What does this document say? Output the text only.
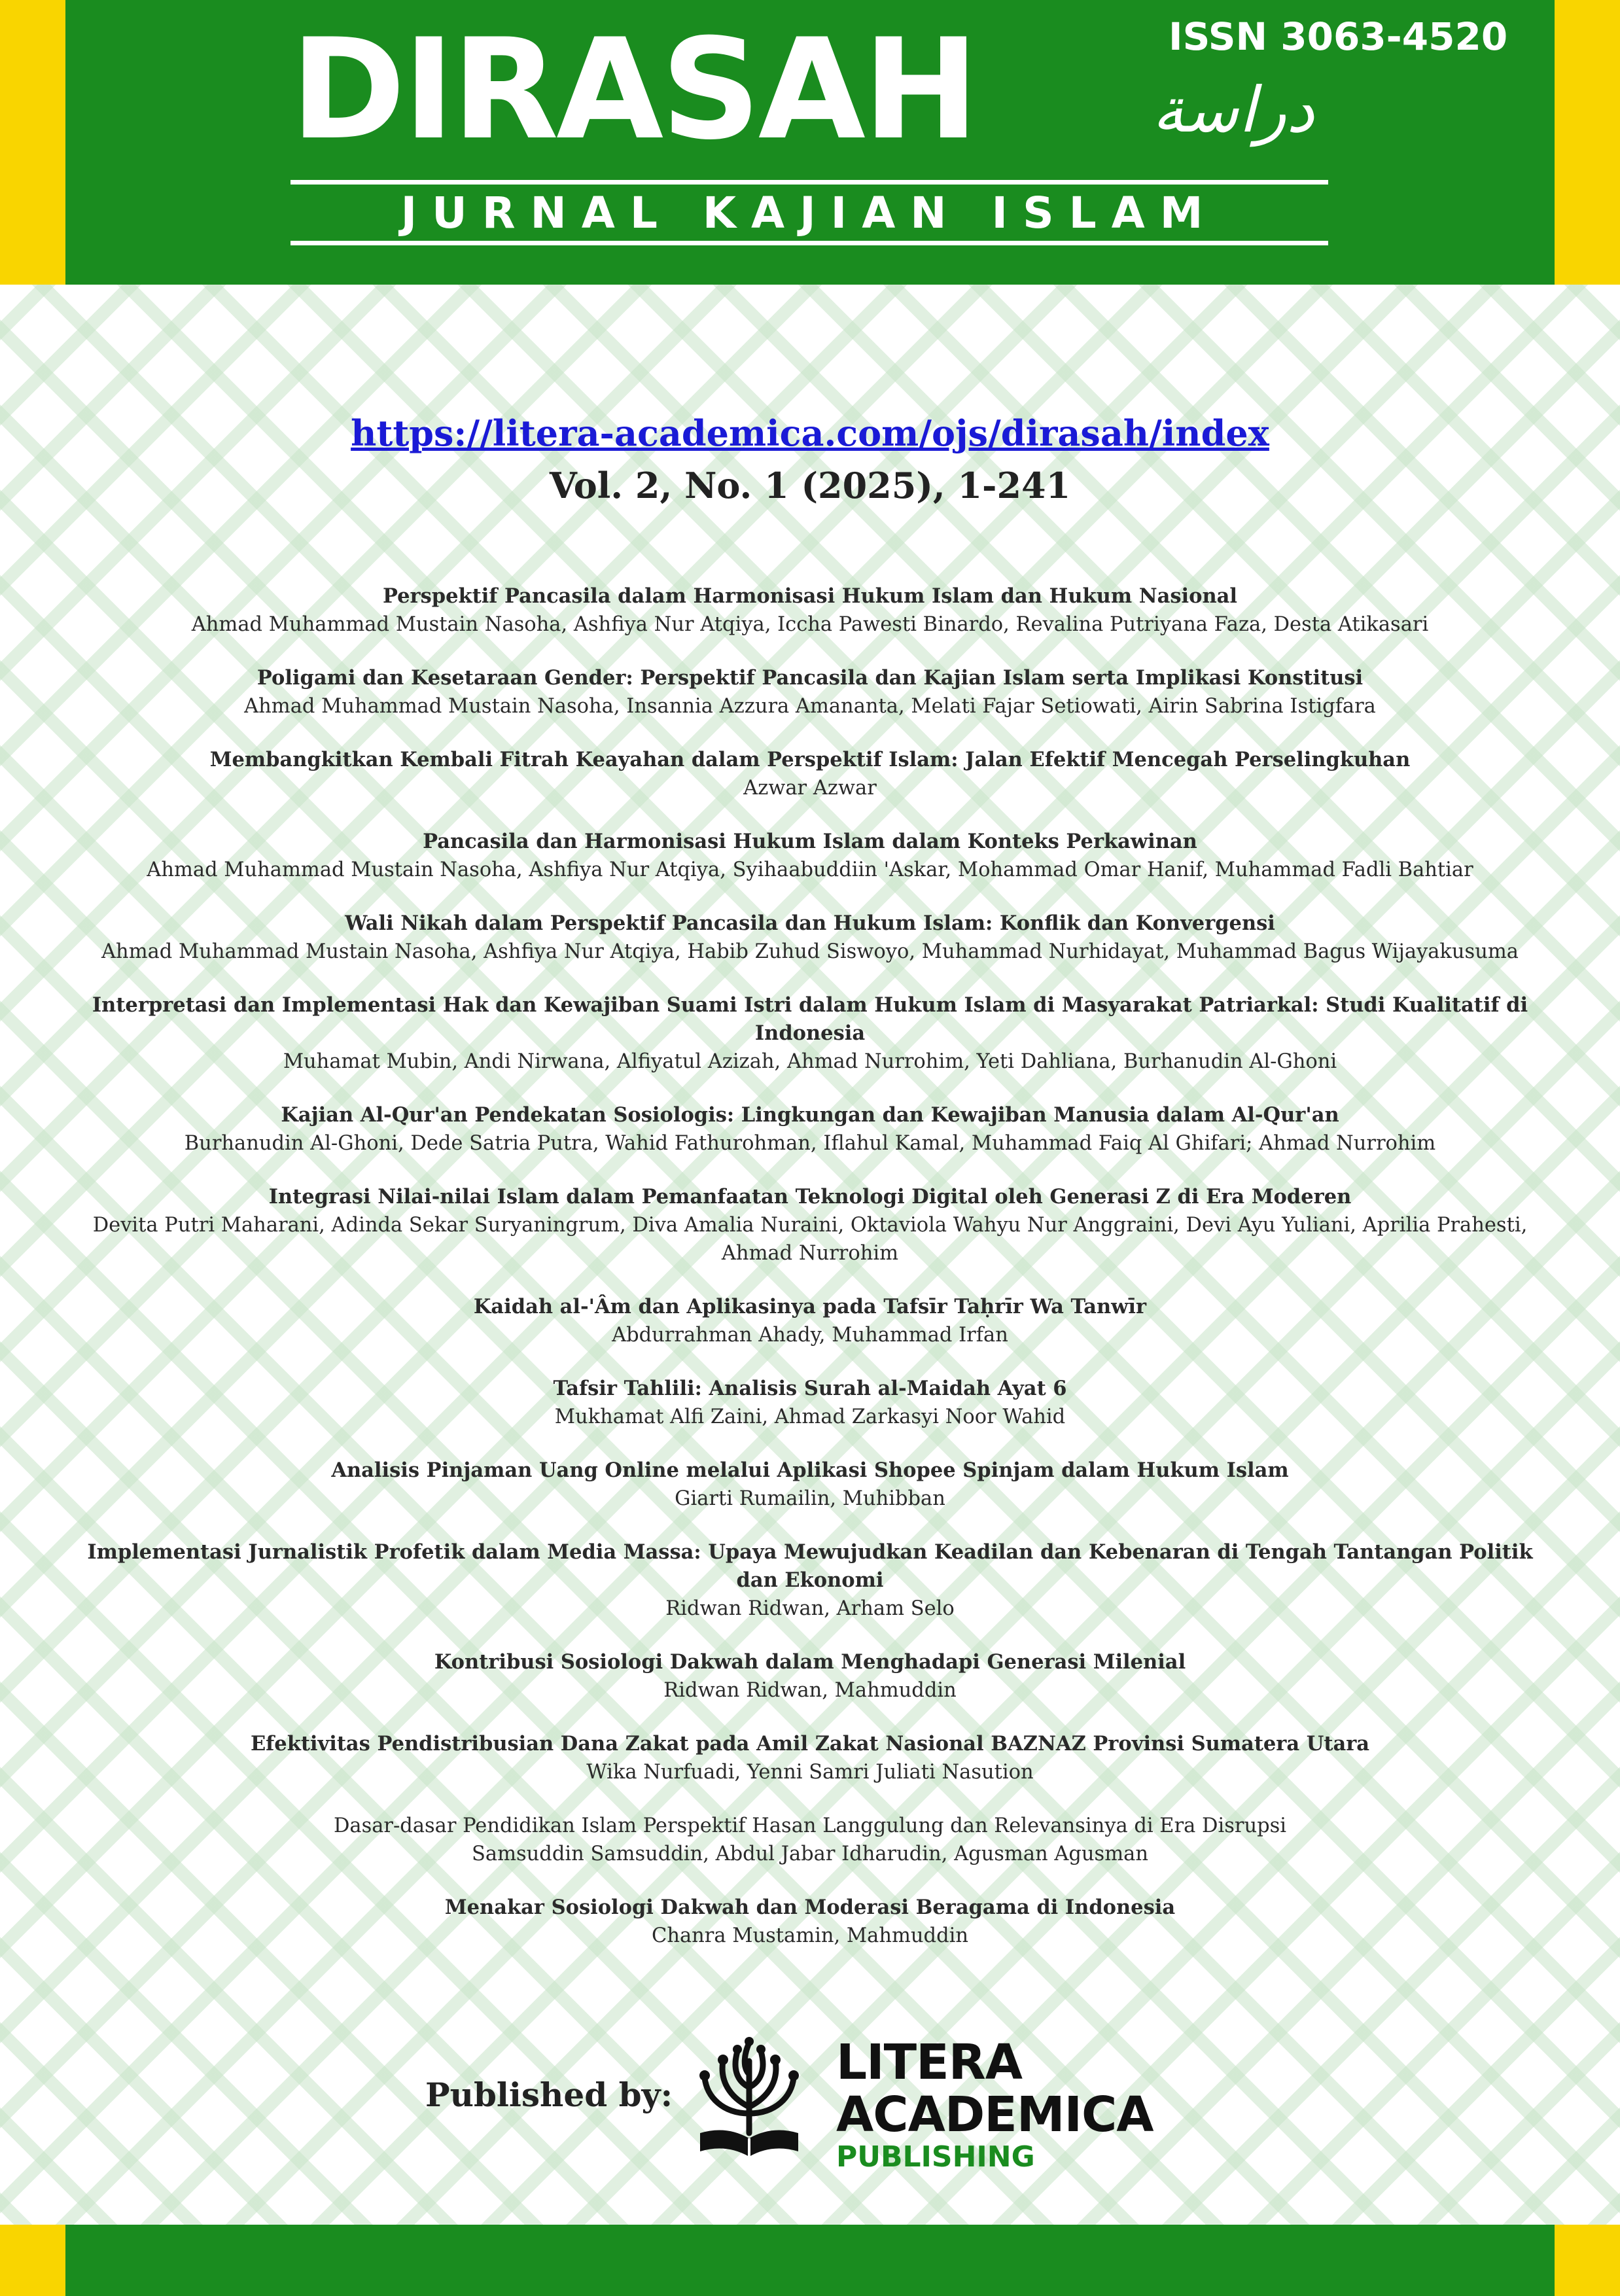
DIRASAH	دراسة
ISSN 3063-4520
JURNAL KAJIAN ISLAM
https://litera-academica.com/ojs/dirasah/index
Vol. 2, No. 1 (2025), 1-241
Perspektif Pancasila dalam Harmonisasi Hukum Islam dan Hukum Nasional
Ahmad Muhammad Mustain Nasoha, Ashfiya Nur Atqiya, Iccha Pawesti Binardo, Revalina Putriyana Faza, Desta Atikasari
Poligami dan Kesetaraan Gender: Perspektif Pancasila dan Kajian Islam serta Implikasi Konstitusi
Ahmad Muhammad Mustain Nasoha, Insannia Azzura Amananta, Melati Fajar Setiowati, Airin Sabrina Istigfara
Membangkitkan Kembali Fitrah Keayahan dalam Perspektif Islam: Jalan Efektif Mencegah Perselingkuhan
Azwar Azwar
Pancasila dan Harmonisasi Hukum Islam dalam Konteks Perkawinan
Ahmad Muhammad Mustain Nasoha, Ashfiya Nur Atqiya, Syihaabuddiin 'Askar, Mohammad Omar Hanif, Muhammad Fadli Bahtiar
Wali Nikah dalam Perspektif Pancasila dan Hukum Islam: Konflik dan Konvergensi
Ahmad Muhammad Mustain Nasoha, Ashfiya Nur Atqiya, Habib Zuhud Siswoyo, Muhammad Nurhidayat, Muhammad Bagus Wijayakusuma
Interpretasi dan Implementasi Hak dan Kewajiban Suami Istri dalam Hukum Islam di Masyarakat Patriarkal: Studi Kualitatif di Indonesia
Muhamat Mubin, Andi Nirwana, Alfiyatul Azizah, Ahmad Nurrohim, Yeti Dahliana, Burhanudin Al-Ghoni
Kajian Al-Qur'an Pendekatan Sosiologis: Lingkungan dan Kewajiban Manusia dalam Al-Qur'an
Burhanudin Al-Ghoni, Dede Satria Putra, Wahid Fathurohman, Iflahul Kamal, Muhammad Faiq Al Ghifari; Ahmad Nurrohim
Integrasi Nilai-nilai Islam dalam Pemanfaatan Teknologi Digital oleh Generasi Z di Era Moderen
Devita Putri Maharani, Adinda Sekar Suryaningrum, Diva Amalia Nuraini, Oktaviola Wahyu Nur Anggraini, Devi Ayu Yuliani, Aprilia Prahesti, Ahmad Nurrohim
Kaidah al-'Âm dan Aplikasinya pada Tafsīr Taḥrīr Wa Tanwīr
Abdurrahman Ahady, Muhammad Irfan
Tafsir Tahlili: Analisis Surah al-Maidah Ayat 6
Mukhamat Alfi Zaini, Ahmad Zarkasyi Noor Wahid
Analisis Pinjaman Uang Online melalui Aplikasi Shopee Spinjam dalam Hukum Islam
Giarti Rumailin, Muhibban
Implementasi Jurnalistik Profetik dalam Media Massa: Upaya Mewujudkan Keadilan dan Kebenaran di Tengah Tantangan Politik dan Ekonomi
Ridwan Ridwan, Arham Selo
Kontribusi Sosiologi Dakwah dalam Menghadapi Generasi Milenial
Ridwan Ridwan, Mahmuddin
Efektivitas Pendistribusian Dana Zakat pada Amil Zakat Nasional BAZNAZ Provinsi Sumatera Utara
Wika Nurfuadi, Yenni Samri Juliati Nasution
Dasar-dasar Pendidikan Islam Perspektif Hasan Langgulung dan Relevansinya di Era Disrupsi
Samsuddin Samsuddin, Abdul Jabar Idharudin, Agusman Agusman
Menakar Sosiologi Dakwah dan Moderasi Beragama di Indonesia
Chanra Mustamin, Mahmuddin
Published by:
LITERA
ACADEMICA
PUBLISHING
